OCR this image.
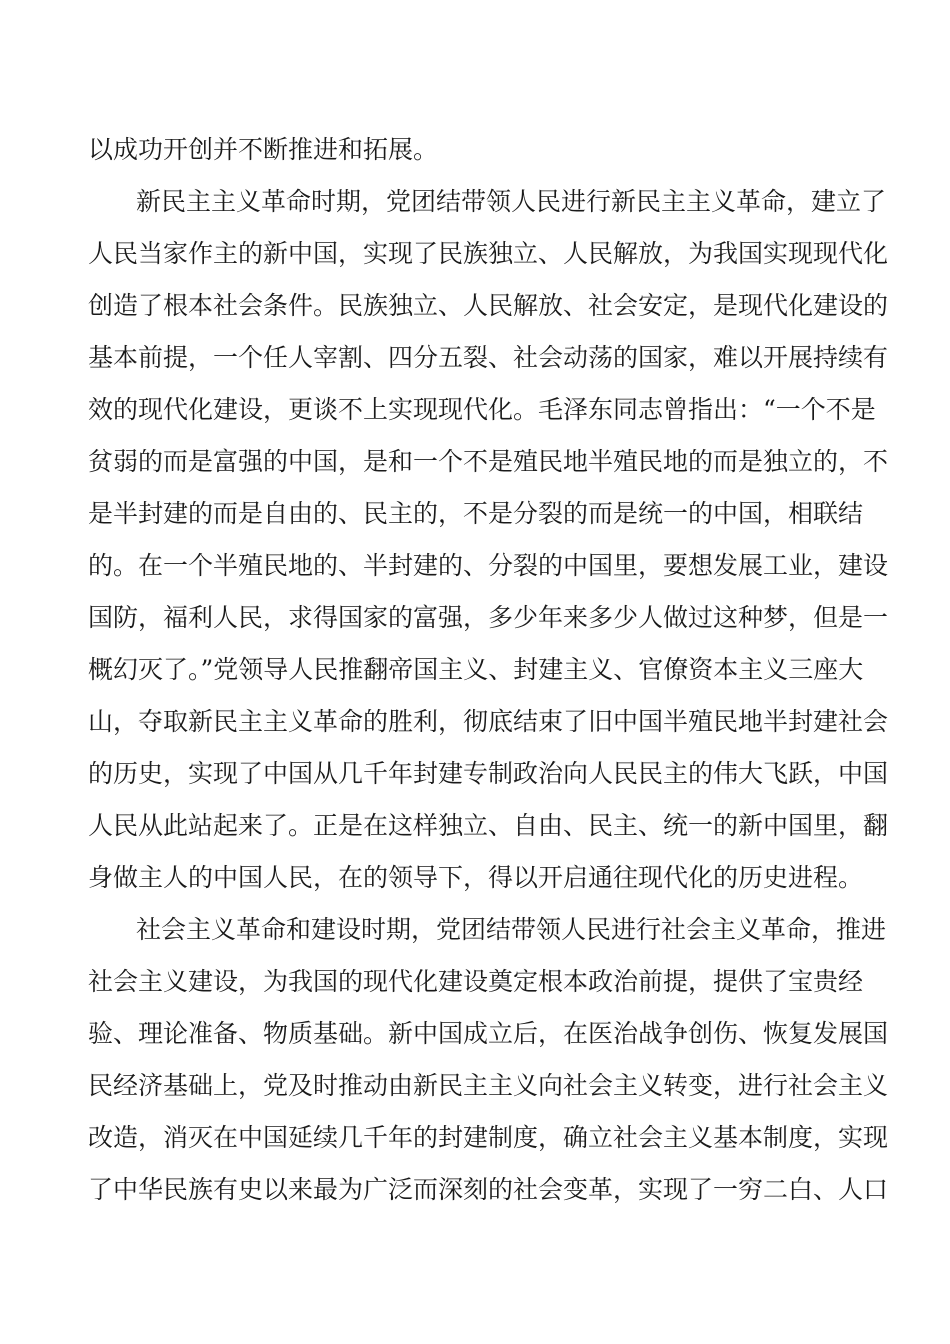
以成功开创并不断推进和拓展。
新民主主义革命时期，党团结带领人民进行新民主主义革命，建立了
人民当家作主的新中国，实现了民族独立、人民解放，为我国实现现代化
创造了根本社会条件。民族独立、人民解放、社会安定，是现代化建设的
基本前提，一个任人宰割、四分五裂、社会动荡的国家，难以开展持续有
效的现代化建设，更谈不上实现现代化。毛泽东同志曾指出：“一个不是
贫弱的而是富强的中国，是和一个不是殖民地半殖民地的而是独立的，不
是半封建的而是自由的、民主的，不是分裂的而是统一的中国，相联结
的。在一个半殖民地的、半封建的、分裂的中国里，要想发展工业，建设
国防，福利人民，求得国家的富强，多少年来多少人做过这种梦，但是一
概幻灭了。”党领导人民推翻帝国主义、封建主义、官僚资本主义三座大
山，夺取新民主主义革命的胜利，彻底结束了旧中国半殖民地半封建社会
的历史，实现了中国从几千年封建专制政治向人民民主的伟大飞跃，中国
人民从此站起来了。正是在这样独立、自由、民主、统一的新中国里，翻
身做主人的中国人民，在的领导下，得以开启通往现代化的历史进程。
社会主义革命和建设时期，党团结带领人民进行社会主义革命，推进
社会主义建设，为我国的现代化建设奠定根本政治前提，提供了宝贵经
验、理论准备、物质基础。新中国成立后，在医治战争创伤、恢复发展国
民经济基础上，党及时推动由新民主主义向社会主义转变，进行社会主义
改造，消灭在中国延续几千年的封建制度，确立社会主义基本制度，实现
了中华民族有史以来最为广泛而深刻的社会变革，实现了一穷二白、人口
